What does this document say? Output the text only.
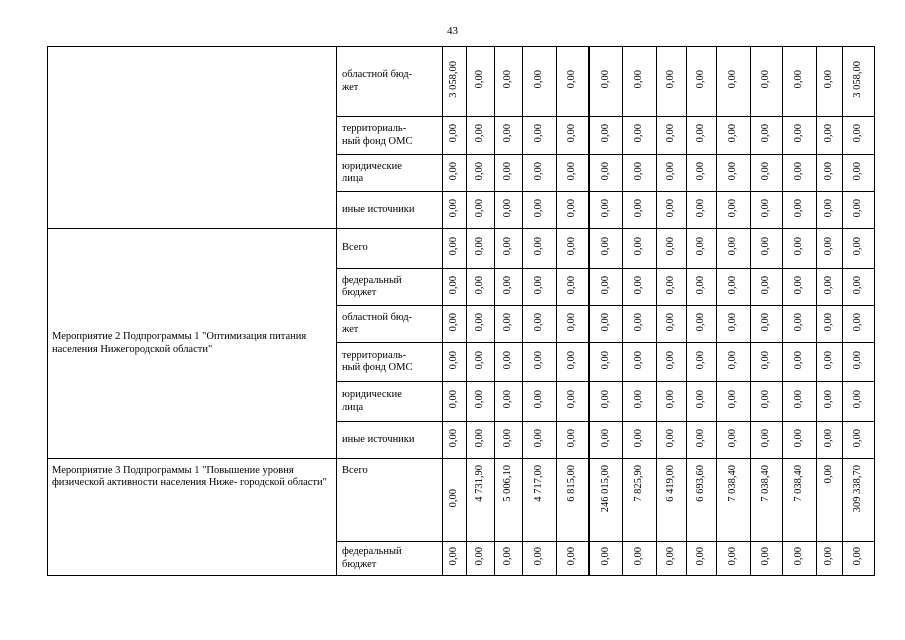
43
	областной бюд-
жет	3 058,00	0,00	0,00	0,00	0,00	0,00	0,00	0,00	0,00	0,00	0,00	0,00	0,00	3 058,00
	территориаль-
ный фонд ОМС	0,00	0,00	0,00	0,00	0,00	0,00	0,00	0,00	0,00	0,00	0,00	0,00	0,00	0,00
	юридические
лица	0,00	0,00	0,00	0,00	0,00	0,00	0,00	0,00	0,00	0,00	0,00	0,00	0,00	0,00
	иные источники	0,00	0,00	0,00	0,00	0,00	0,00	0,00	0,00	0,00	0,00	0,00	0,00	0,00	0,00
Мероприятие 2 Подпрограммы 1 "Оптимизация питания населения Нижегородской области"	Всего	0,00	0,00	0,00	0,00	0,00	0,00	0,00	0,00	0,00	0,00	0,00	0,00	0,00	0,00
	федеральный
бюджет	0,00	0,00	0,00	0,00	0,00	0,00	0,00	0,00	0,00	0,00	0,00	0,00	0,00	0,00
	областной бюд-
жет	0,00	0,00	0,00	0,00	0,00	0,00	0,00	0,00	0,00	0,00	0,00	0,00	0,00	0,00
	территориаль-
ный фонд ОМС	0,00	0,00	0,00	0,00	0,00	0,00	0,00	0,00	0,00	0,00	0,00	0,00	0,00	0,00
	юридические
лица	0,00	0,00	0,00	0,00	0,00	0,00	0,00	0,00	0,00	0,00	0,00	0,00	0,00	0,00
	иные источники	0,00	0,00	0,00	0,00	0,00	0,00	0,00	0,00	0,00	0,00	0,00	0,00	0,00	0,00
Мероприятие 3 Подпрограммы 1 "Повышение уровня физической активности населения Ниже- городской области"	Всего	0,00	4 731,90	5 006,10	4 717,00	6 815,00	246 015,00	7 825,90	6 419,00	6 693,60	7 038,40	7 038,40	7 038,40	0,00	309 338,70
	федеральный
бюджет	0,00	0,00	0,00	0,00	0,00	0,00	0,00	0,00	0,00	0,00	0,00	0,00	0,00	0,00
